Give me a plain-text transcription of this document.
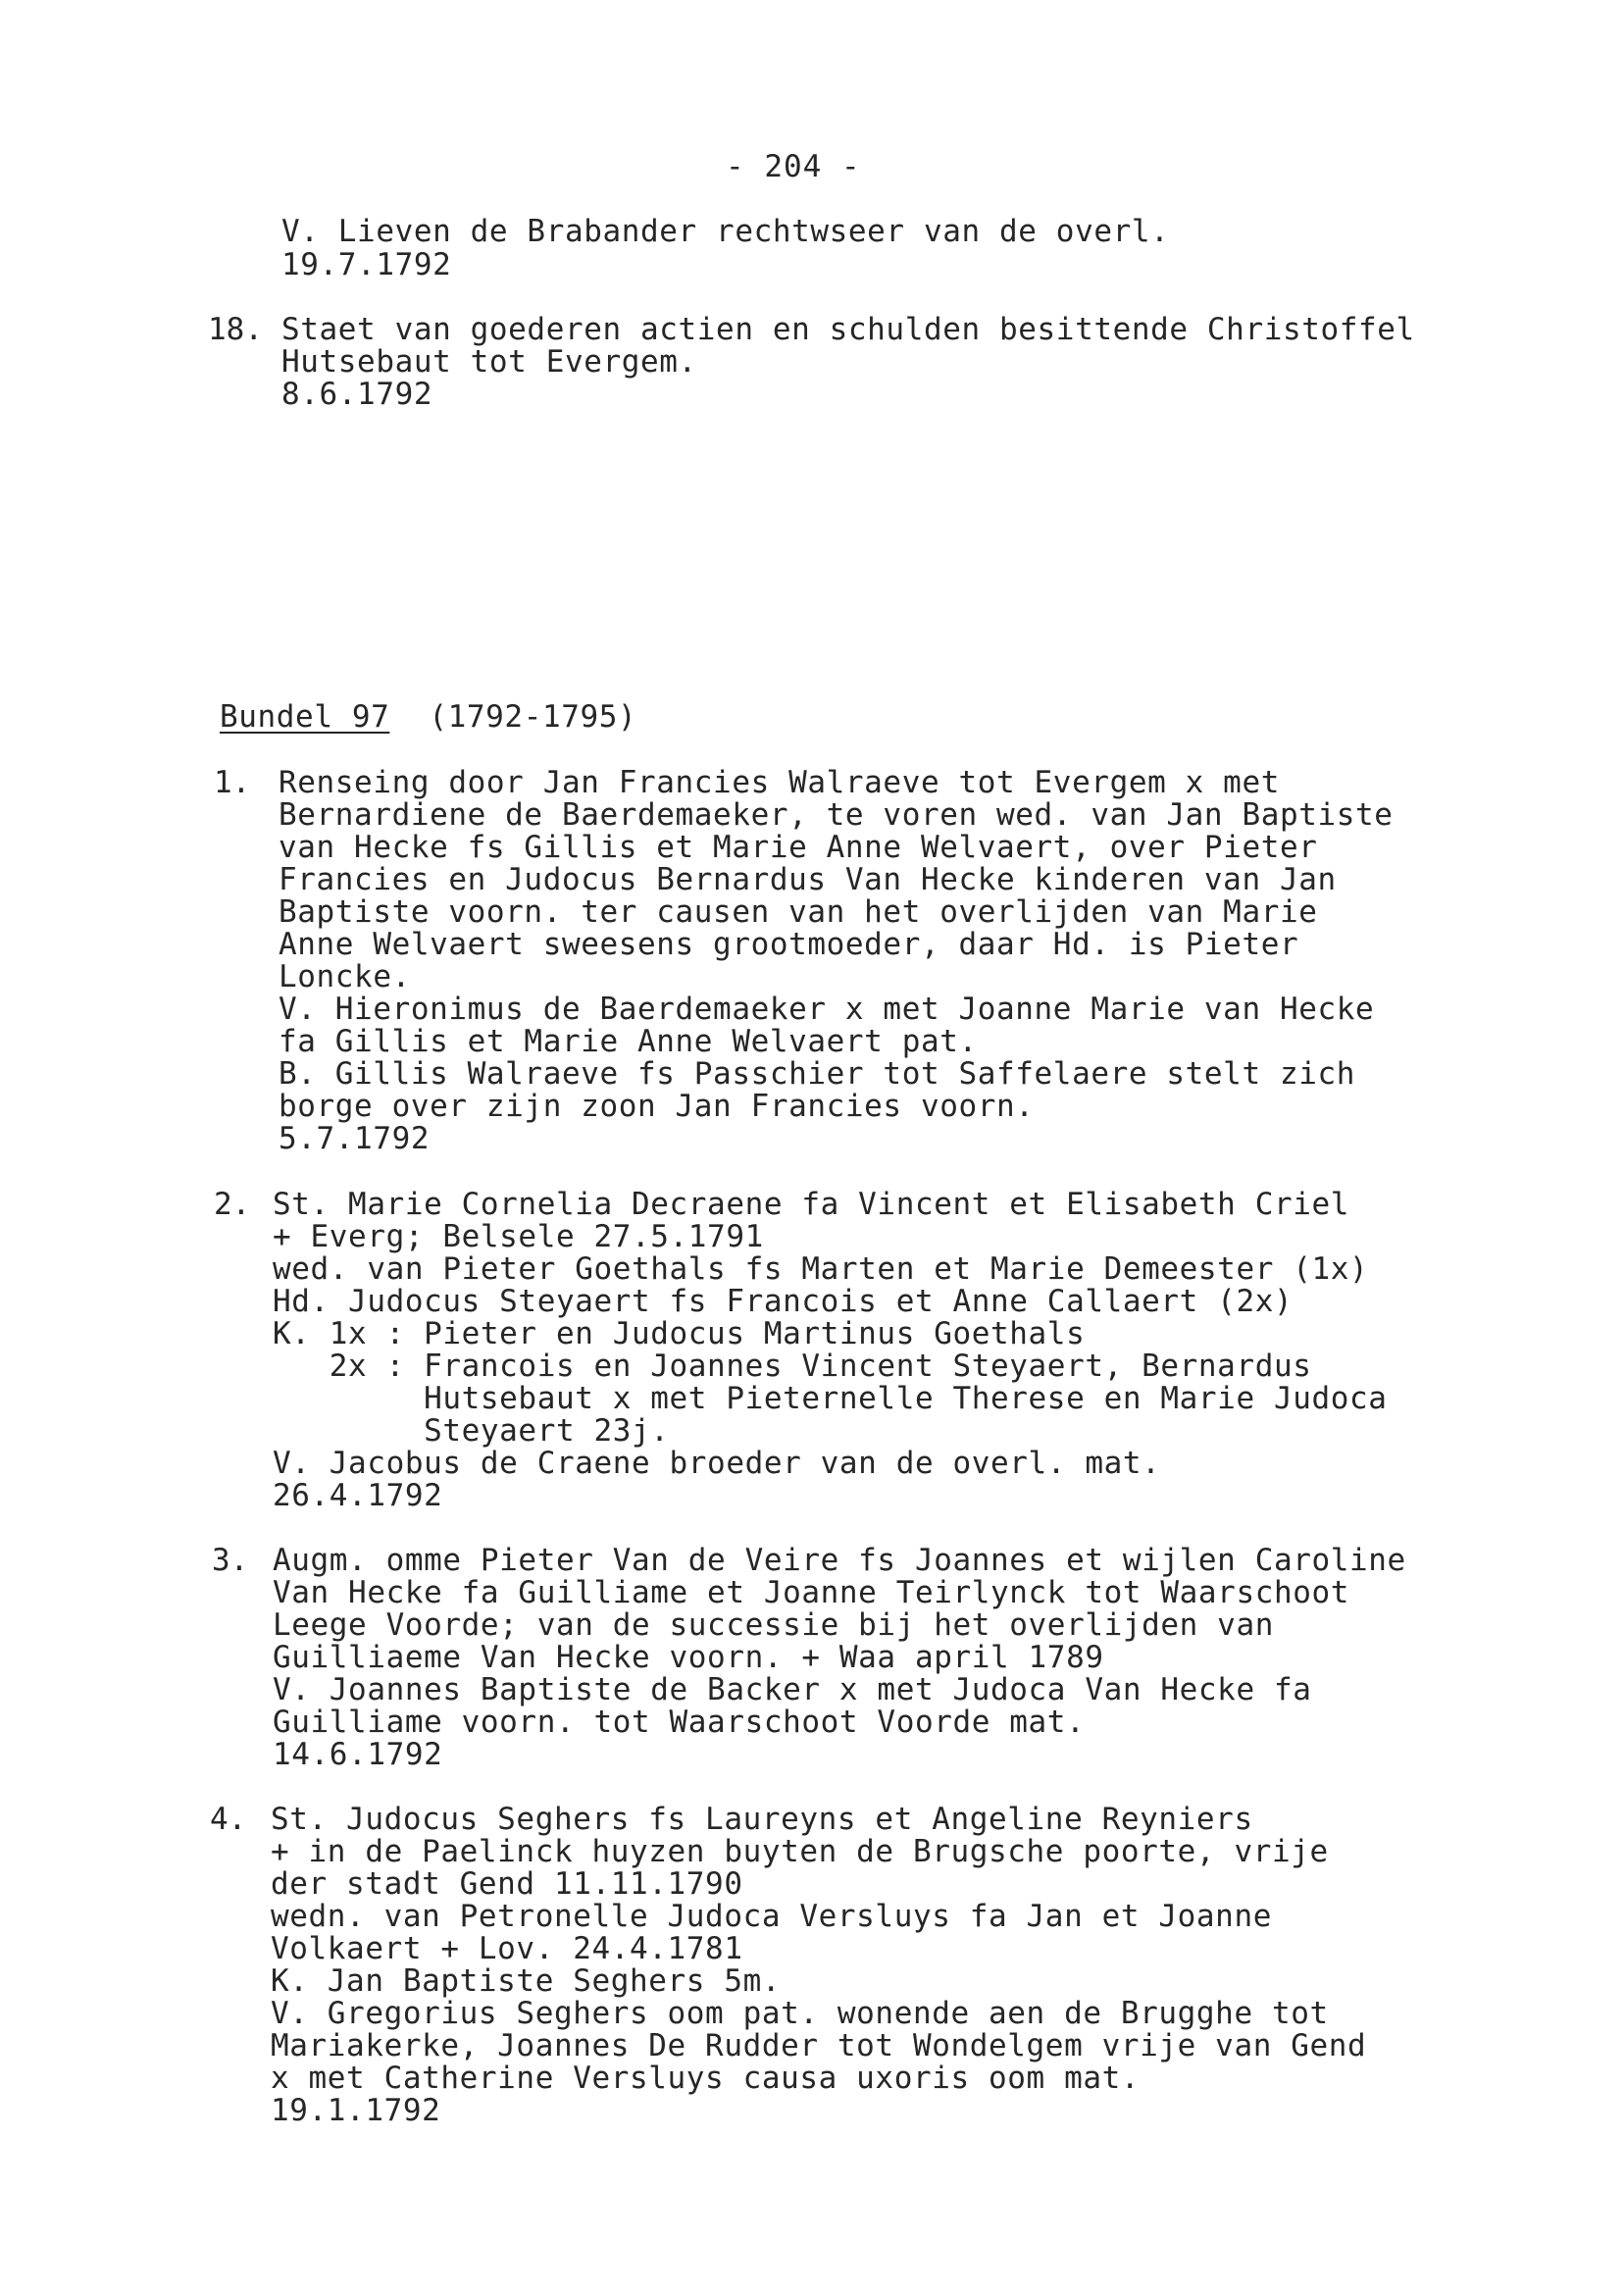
- 204 -
V. Lieven de Brabander rechtwseer van de overl.
19.7.1792
18. Staet van goederen actien en schulden besittende Christoffel
Hutsebaut tot Evergem.
8.6.1792
Bundel 97 (1792-1795)
1. Renseing door Jan Francies Walraeve tot Evergem x met
Bernardiene de Baerdemaeker, te voren wed. van Jan Baptiste
van Hecke fs Gillis et Marie Anne Welvaert, over Pieter
Francies en Judocus Bernardus Van Hecke kinderen van Jan
Baptiste voorn. ter causen van het overlijden van Marie
Anne Welvaert sweesens grootmoeder, daar Hd. is Pieter
Loncke.
V. Hieronimus de Baerdemaeker x met Joanne Marie van Hecke
fa Gillis et Marie Anne Welvaert pat.
B. Gillis Walraeve fs Passchier tot Saffelaere stelt zich
borge over zijn zoon Jan Francies voorn.
5.7.1792
2. St. Marie Cornelia Decraene fa Vincent et Elisabeth Criel
+ Everg; Belsele 27.5.1791
wed. van Pieter Goethals fs Marten et Marie Demeester (1x)
Hd. Judocus Steyaert fs Francois et Anne Callaert (2x)
K. 1x : Pieter en Judocus Martinus Goethals
2x : Francois en Joannes Vincent Steyaert, Bernardus
Hutsebaut x met Pieternelle Therese en Marie Judoca
Steyaert 23j.
V. Jacobus de Craene broeder van de overl. mat.
26.4.1792
3. Augm. omme Pieter Van de Veire fs Joannes et wijlen Caroline
Van Hecke fa Guilliame et Joanne Teirlynck tot Waarschoot
Leege Voorde; van de successie bij het overlijden van
Guilliaeme Van Hecke voorn. + Waa april 1789
V. Joannes Baptiste de Backer x met Judoca Van Hecke fa
Guilliame voorn. tot Waarschoot Voorde mat.
14.6.1792
4. St. Judocus Seghers fs Laureyns et Angeline Reyniers
+ in de Paelinck huyzen buyten de Brugsche poorte, vrije
der stadt Gend 11.11.1790
wedn. van Petronelle Judoca Versluys fa Jan et Joanne
Volkaert + Lov. 24.4.1781
K. Jan Baptiste Seghers 5m.
V. Gregorius Seghers oom pat. wonende aen de Brugghe tot
Mariakerke, Joannes De Rudder tot Wondelgem vrije van Gend
x met Catherine Versluys causa uxoris oom mat.
19.1.1792
